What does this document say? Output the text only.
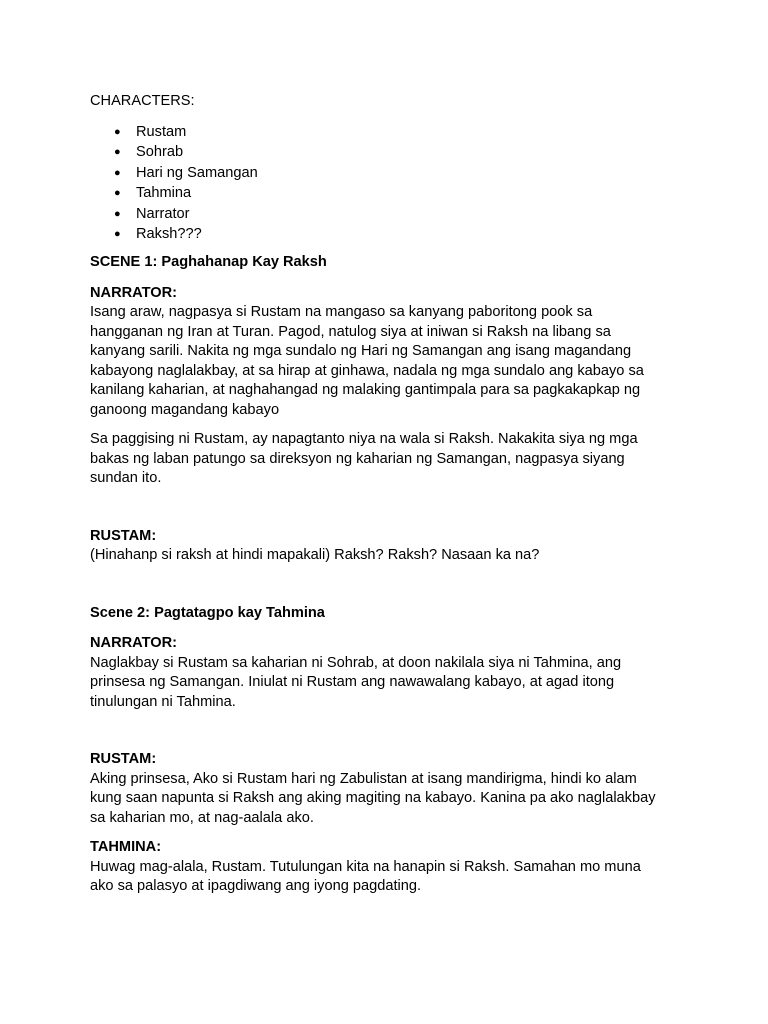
CHARACTERS:

● Rustam
● Sohrab
● Hari ng Samangan
● Tahmina
● Narrator
● Raksh???

SCENE 1: Paghahanap Kay Raksh

NARRATOR:

Isang araw, nagpasya si Rustam na mangaso sa kanyang paboritong pook sa

hangganan ng Iran at Turan. Pagod, natulog siya at iniwan si Raksh na libang sa

kanyang sarili. Nakita ng mga sundalo ng Hari ng Samangan ang isang magandang

kabayong naglalakbay, at sa hirap at ginhawa, nadala ng mga sundalo ang kabayo sa

kanilang kaharian, at naghahangad ng malaking gantimpala para sa pagkakapkap ng

ganoong magandang kabayo

Sa paggising ni Rustam, ay napagtanto niya na wala si Raksh. Nakakita siya ng mga

bakas ng laban patungo sa direksyon ng kaharian ng Samangan, nagpasya siyang

sundan ito.

RUSTAM:

(Hinahanp si raksh at hindi mapakali) Raksh? Raksh? Nasaan ka na?

Scene 2: Pagtatagpo kay Tahmina

NARRATOR:

Naglakbay si Rustam sa kaharian ni Sohrab, at doon nakilala siya ni Tahmina, ang

prinsesa ng Samangan. Iniulat ni Rustam ang nawawalang kabayo, at agad itong

tinulungan ni Tahmina.

RUSTAM:

Aking prinsesa, Ako si Rustam hari ng Zabulistan at isang mandirigma, hindi ko alam

kung saan napunta si Raksh ang aking magiting na kabayo. Kanina pa ako naglalakbay

sa kaharian mo, at nag-aalala ako.

TAHMINA:

Huwag mag-alala, Rustam. Tutulungan kita na hanapin si Raksh. Samahan mo muna

ako sa palasyo at ipagdiwang ang iyong pagdating.
